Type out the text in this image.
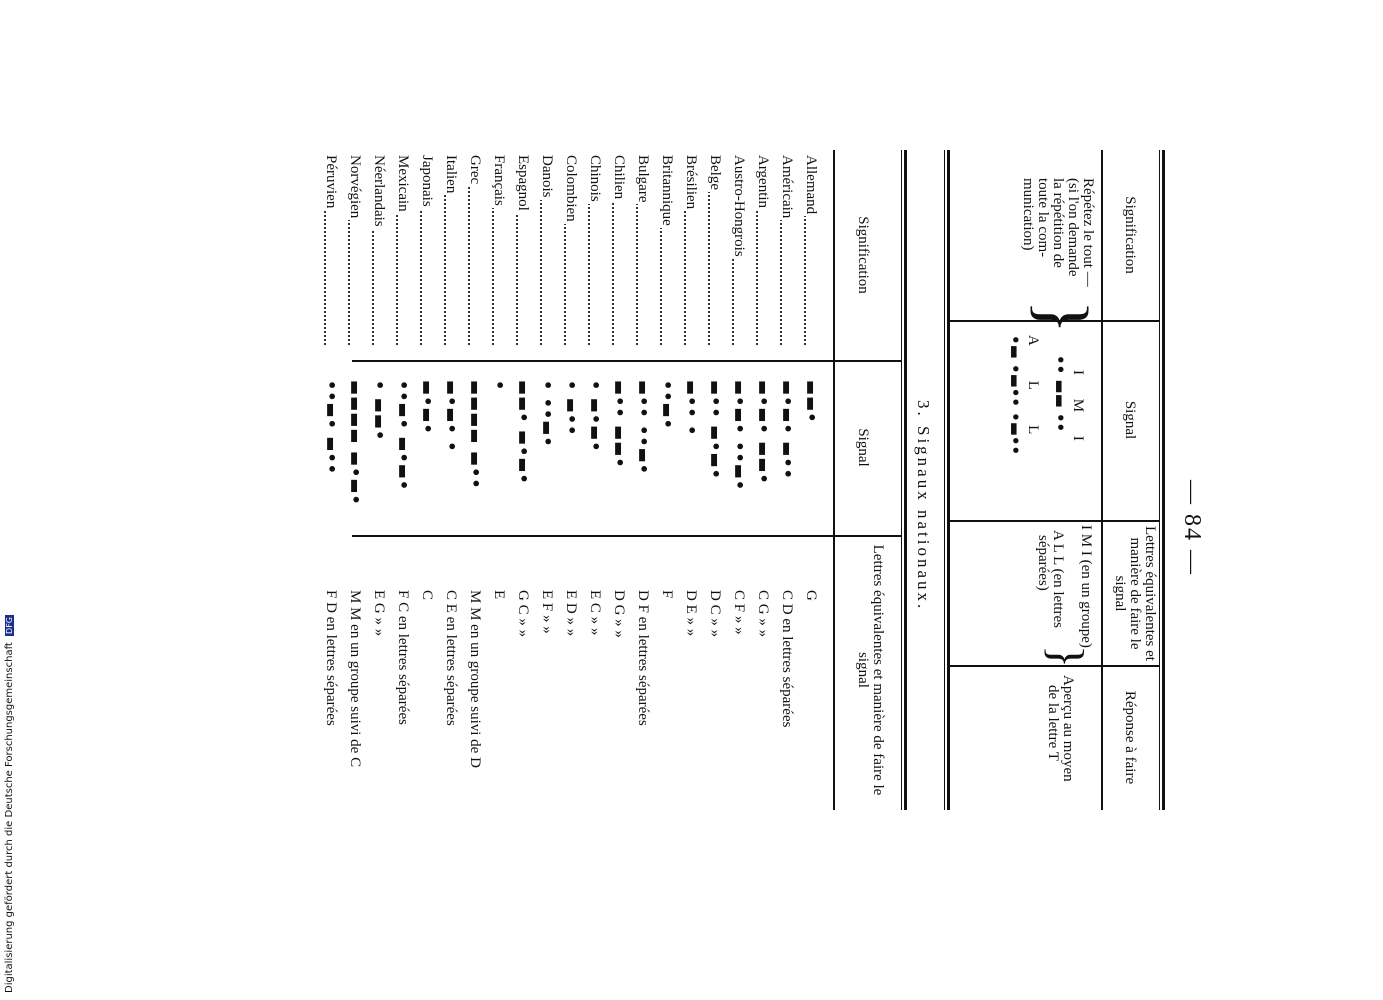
— 84 —
Signification
Signal
Lettres équivalentes et manière de faire le signal
Réponse à faire
Répétez le tout —
(si l'on demande
la répétition de
toute la com-
munication)
}
I M I
•• ▬▬ ••
A L L
•▬ •▬•• •▬••
I M I (en un groupe)
A L L (en lettres
séparées)
}
Aperçu au moyen
de la lettre T
3. Signaux nationaux.
Signification
Signal
Lettres équivalentes et manière de faire le signal
Allemand
▬▬•
G
Américain
▬•▬• ▬••
C D en lettres séparées
Argentin
▬•▬• ▬▬•
C G » »
Austro-Hongrois
▬•▬• ••▬•
C F » »
Belge
▬•• ▬•▬•
D C » »
Brésilien
▬•• •
D E » »
Britannique
••▬•
F
Bulgare
▬•• ••▬•
D F en lettres séparées
Chilien
▬•• ▬▬•
D G » »
Chinois
• ▬•▬•
E C » »
Colombien
• ▬••
E D » »
Danois
• ••▬•
E F » »
Espagnol
▬▬• ▬•▬•
G C » »
Français
•
E
Grec
▬▬▬▬ ▬••
M M en un groupe suivi de D
Italien
▬•▬• •
C E en lettres séparées
Japonais
▬•▬•
C
Mexicain
••▬• ▬•▬•
F C en lettres séparées
Néerlandais
• ▬▬•
E G » »
Norvégien
▬▬▬▬ ▬•▬•
M M en un groupe suivi de C
Péruvien
••▬• ▬••
F D en lettres séparées
Digitalisierung gefördert durch die Deutsche Forschungsgemeinschaft DFG
